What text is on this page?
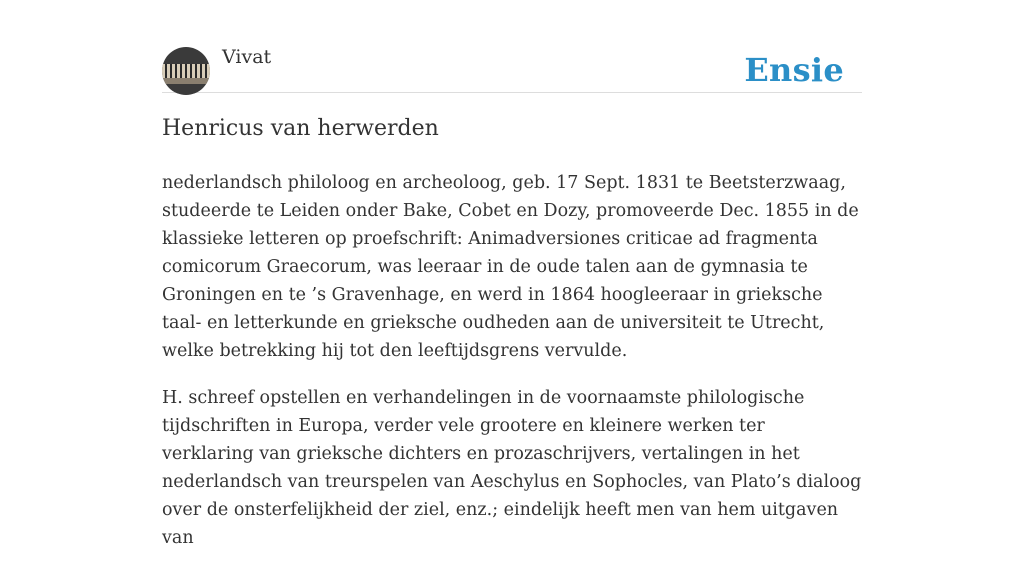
Vivat	Ensie
Henricus van herwerden

nederlandsch philoloog en archeoloog, geb. 17 Sept. 1831 te Beetsterzwaag, studeerde te Leiden onder Bake, Cobet en Dozy, promoveerde Dec. 1855 in de klassieke letteren op proefschrift: Animadversiones criticae ad fragmenta comicorum Graecorum, was leeraar in de oude talen aan de gymnasia te Groningen en te ’s Gravenhage, en werd in 1864 hoogleeraar in grieksche taal- en letterkunde en grieksche oudheden aan de universiteit te Utrecht, welke betrekking hij tot den leeftijdsgrens vervulde.

H. schreef opstellen en verhandelingen in de voornaamste philologische tijdschriften in Europa, verder vele grootere en kleinere werken ter verklaring van grieksche dichters en prozaschrijvers, vertalingen in het nederlandsch van treurspelen van Aeschylus en Sophocles, van Plato’s dialoog over de onsterfelijkheid der ziel, enz.; eindelijk heeft men van hem uitgaven van
